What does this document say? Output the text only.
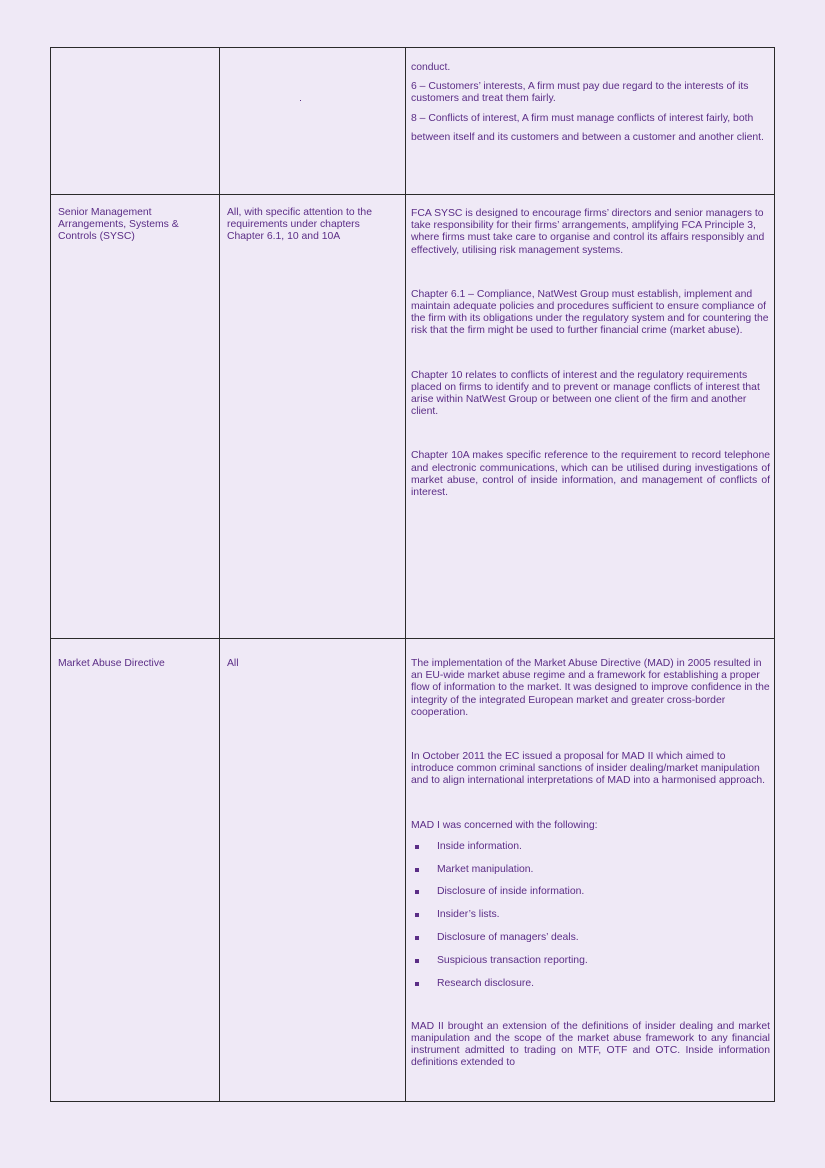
conduct.

6 – Customers’ interests, A firm must pay due regard to the interests of its customers and treat them fairly.

8 – Conflicts of interest, A firm must manage conflicts of interest fairly, both

between itself and its customers and between a customer and another client.

Senior Management Arrangements, Systems & Controls (SYSC)

All, with specific attention to the requirements under chapters Chapter 6.1, 10 and 10A

FCA SYSC is designed to encourage firms’ directors and senior managers to take responsibility for their firms’ arrangements, amplifying FCA Principle 3, where firms must take care to organise and control its affairs responsibly and effectively, utilising risk management systems.

Chapter 6.1 – Compliance, NatWest Group must establish, implement and maintain adequate policies and procedures sufficient to ensure compliance of the firm with its obligations under the regulatory system and for countering the risk that the firm might be used to further financial crime (market abuse).

Chapter 10 relates to conflicts of interest and the regulatory requirements placed on firms to identify and to prevent or manage conflicts of interest that arise within NatWest Group or between one client of the firm and another client.

Chapter 10A makes specific reference to the requirement to record telephone and electronic communications, which can be utilised during investigations of market abuse, control of inside information, and management of conflicts of interest.

Market Abuse Directive	All	The implementation of the Market Abuse Directive (MAD) in 2005 resulted in an EU-wide market abuse regime and a framework for establishing a proper flow of information to the market. It was designed to improve confidence in the integrity of the integrated European market and greater cross-border cooperation.

In October 2011 the EC issued a proposal for MAD II which aimed to introduce common criminal sanctions of insider dealing/market manipulation and to align international interpretations of MAD into a harmonised approach.

MAD I was concerned with the following:

Inside information.
Market manipulation.
Disclosure of inside information.
Insider’s lists.
Disclosure of managers’ deals.
Suspicious transaction reporting.
Research disclosure.

MAD II brought an extension of the definitions of insider dealing and market manipulation and the scope of the market abuse framework to any financial instrument admitted to trading on MTF, OTF and OTC. Inside information definitions extended to
